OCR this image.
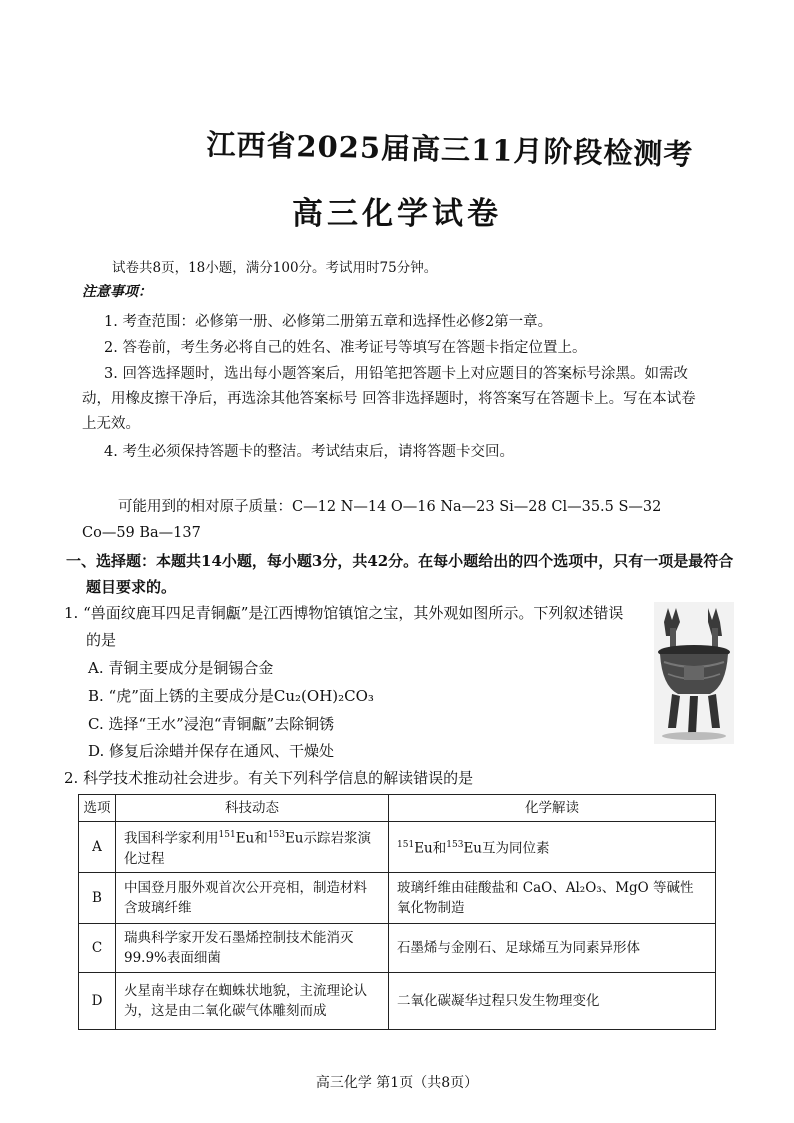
江西省2025届高三11月阶段检测考
高三化学试卷
试卷共8页，18小题，满分100分。考试用时75分钟。
注意事项：
1. 考查范围：必修第一册、必修第二册第五章和选择性必修2第一章。
2. 答卷前，考生务必将自己的姓名、准考证号等填写在答题卡指定位置上。
3. 回答选择题时，选出每小题答案后，用铅笔把答题卡上对应题目的答案标号涂黑。如需改
动，用橡皮擦干净后，再选涂其他答案标号 回答非选择题时，将答案写在答题卡上。写在本试卷
上无效。
4. 考生必须保持答题卡的整洁。考试结束后，请将答题卡交回。
可能用到的相对原子质量：C—12 N—14 O—16 Na—23 Si—28 Cl—35.5 S—32
Co—59 Ba—137
一、选择题：本题共14小题，每小题3分，共42分。在每小题给出的四个选项中，只有一项是最符合
题目要求的。
1. “兽面纹鹿耳四足青铜甗”是江西博物馆镇馆之宝，其外观如图所示。下列叙述错误
的是
A. 青铜主要成分是铜锡合金
B. “虎”面上锈的主要成分是Cu₂(OH)₂CO₃
C. 选择“王水”浸泡“青铜甗”去除铜锈
D. 修复后涂蜡并保存在通风、干燥处
2. 科学技术推动社会进步。有关下列科学信息的解读错误的是
选项	科技动态	化学解读
A	我国科学家利用$^{151}$Eu和$^{153}$Eu示踪岩浆演化过程	$^{151}$Eu和$^{153}$Eu互为同位素
B	中国登月服外观首次公开亮相，制造材料含玻璃纤维	玻璃纤维由硅酸盐和 CaO、Al₂O₃、MgO 等碱性氧化物制造
C	瑞典科学家开发石墨烯控制技术能消灭99.9%表面细菌	石墨烯与金刚石、足球烯互为同素异形体
D	火星南半球存在蜘蛛状地貌，主流理论认为，这是由二氧化碳气体雕刻而成	二氧化碳凝华过程只发生物理变化
高三化学 第1页（共8页）
